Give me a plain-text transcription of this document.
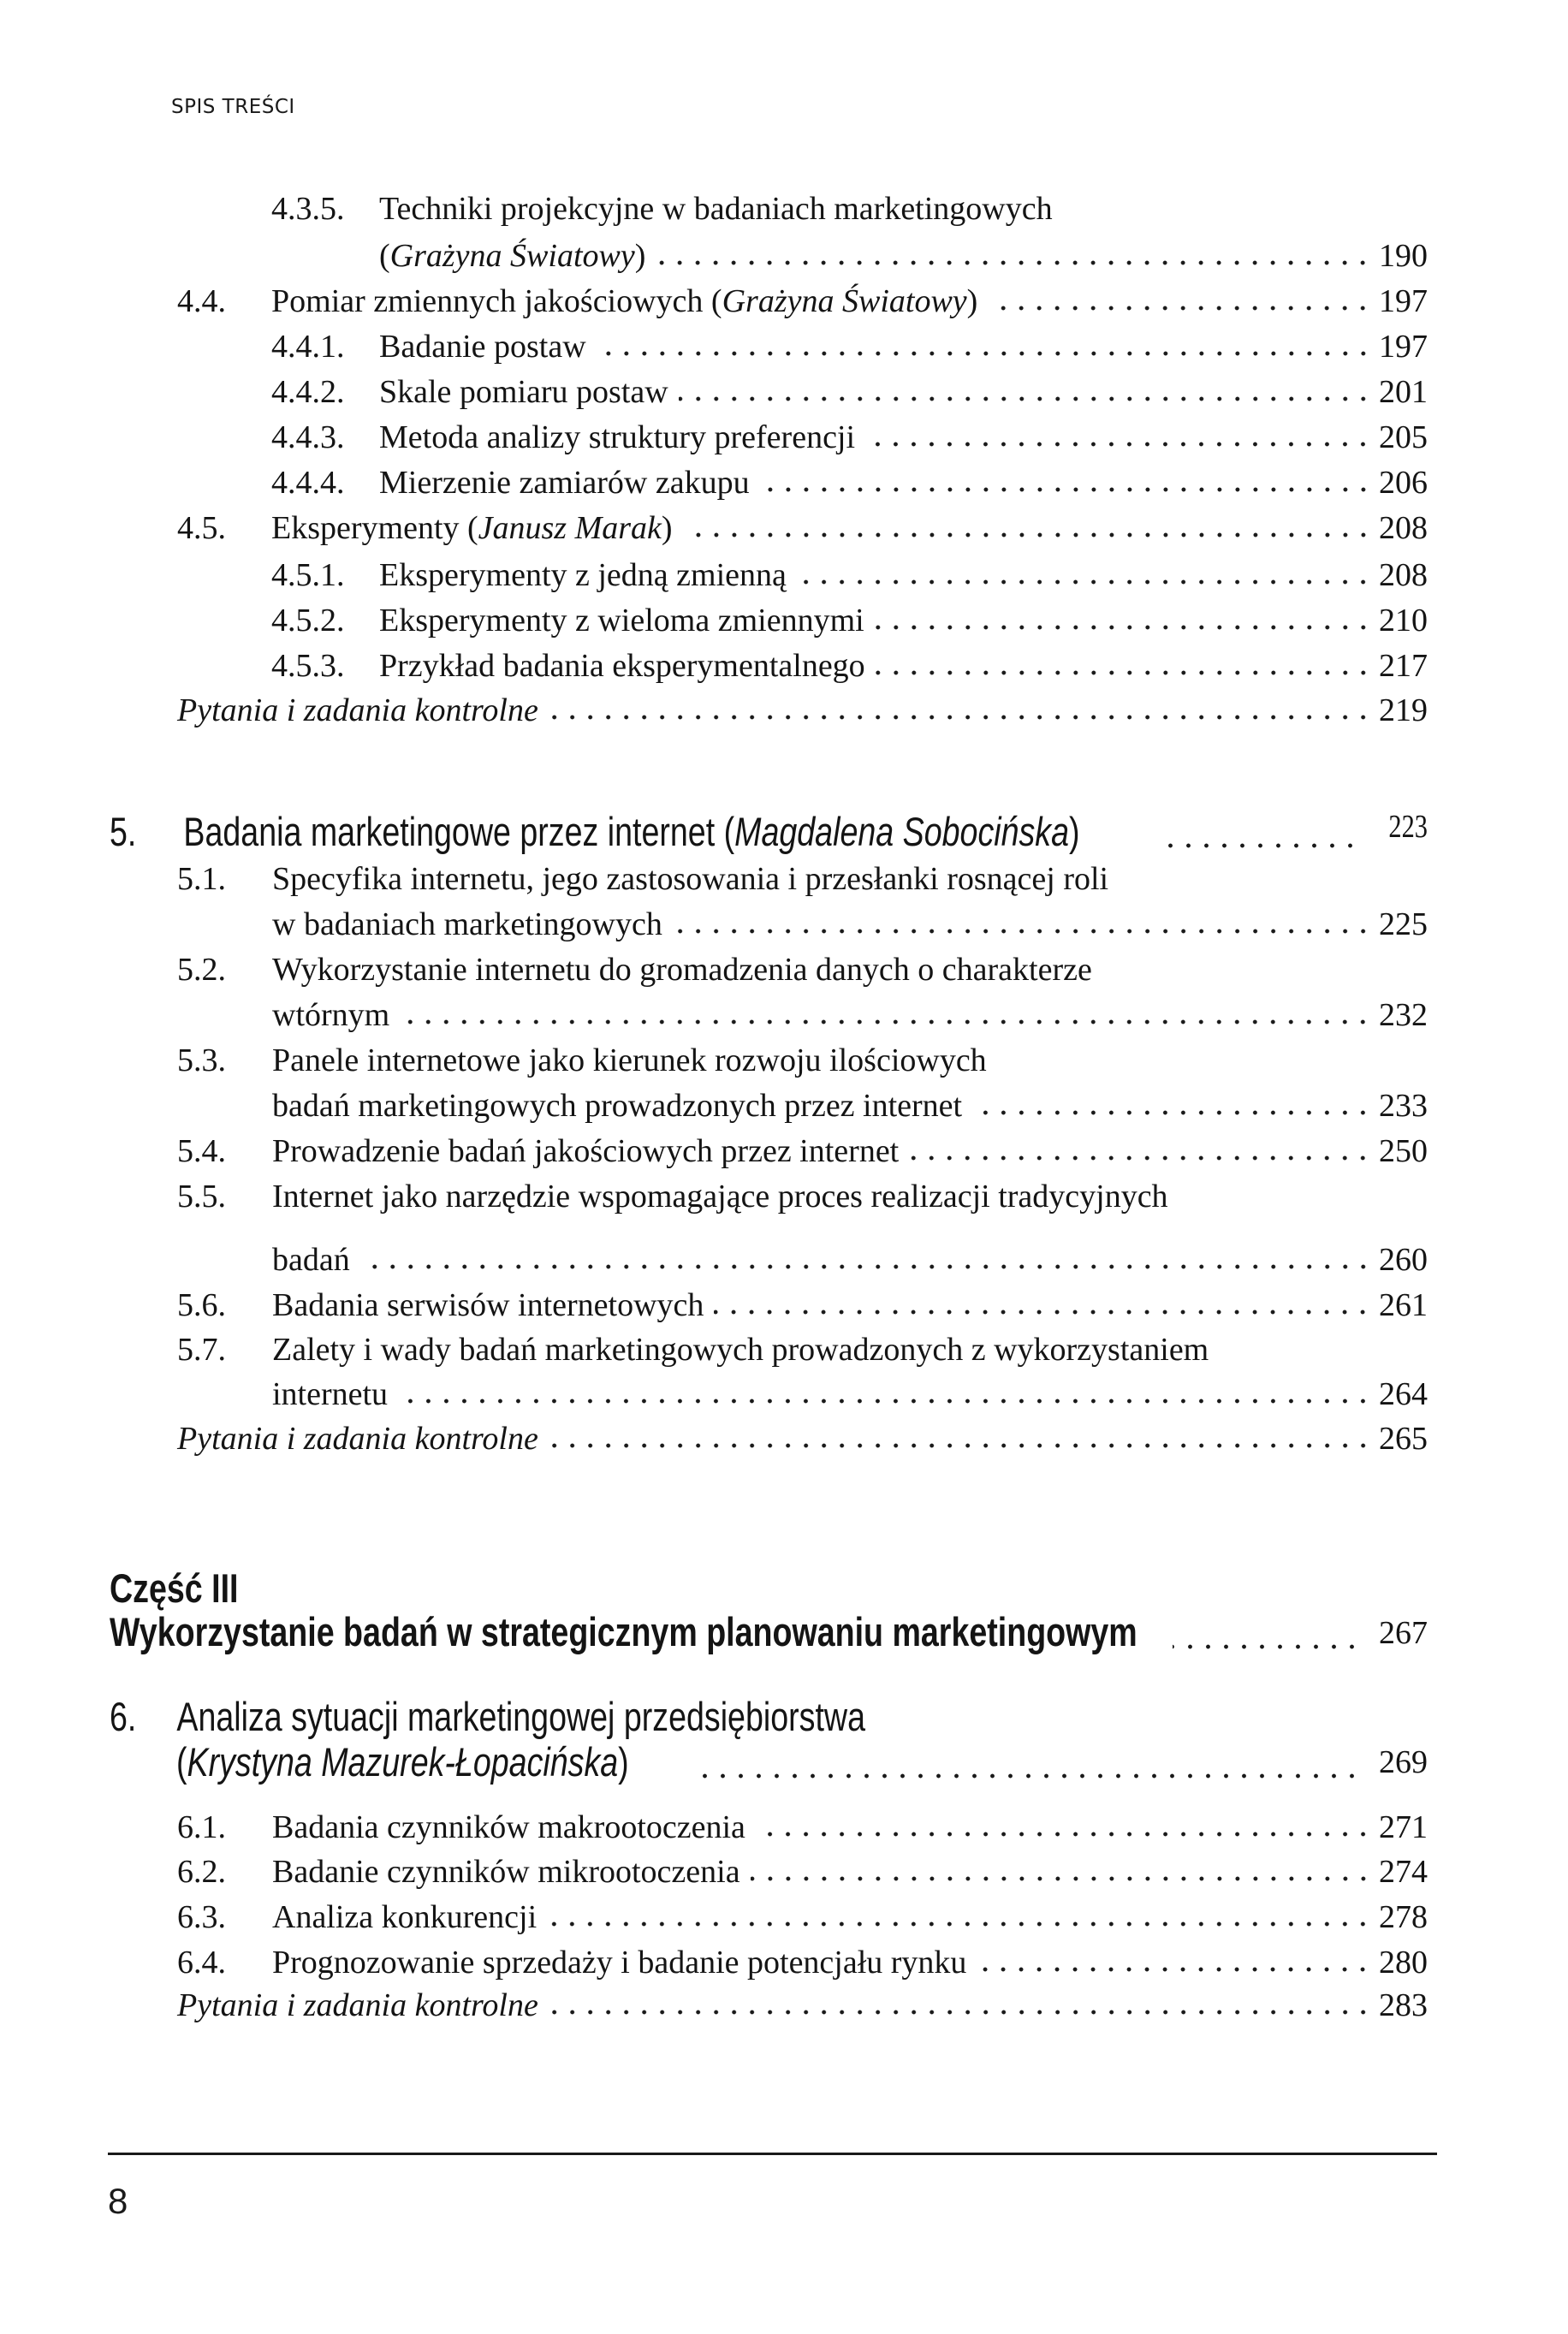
SPIS TREŚCI
4.3.5.	Techniki projekcyjne w badaniach marketingowych
(Grażyna Światowy)	190
4.4.	Pomiar zmiennych jakościowych (Grażyna Światowy)	197
4.4.1.	Badanie postaw	197
4.4.2.	Skale pomiaru postaw	201
4.4.3.	Metoda analizy struktury preferencji	205
4.4.4.	Mierzenie zamiarów zakupu	206
4.5.	Eksperymenty (Janusz Marak)	208
4.5.1.	Eksperymenty z jedną zmienną	208
4.5.2.	Eksperymenty z wieloma zmiennymi	210
4.5.3.	Przykład badania eksperymentalnego	217
Pytania i zadania kontrolne	219
5. Badania marketingowe przez internet (Magdalena Sobocińska)	223
5.1.	Specyfika internetu, jego zastosowania i przesłanki rosnącej roli
w badaniach marketingowych	225
5.2.	Wykorzystanie internetu do gromadzenia danych o charakterze
wtórnym	232
5.3.	Panele internetowe jako kierunek rozwoju ilościowych
badań marketingowych prowadzonych przez internet	233
5.4.	Prowadzenie badań jakościowych przez internet	250
5.5.	Internet jako narzędzie wspomagające proces realizacji tradycyjnych
badań	260
5.6.	Badania serwisów internetowych	261
5.7.	Zalety i wady badań marketingowych prowadzonych z wykorzystaniem
internetu	264
Pytania i zadania kontrolne	265
Część III
Wykorzystanie badań w strategicznym planowaniu marketingowym	267
6. Analiza sytuacji marketingowej przedsiębiorstwa
(Krystyna Mazurek-Łopacińska)	269
6.1.	Badania czynników makrootoczenia	271
6.2.	Badanie czynników mikrootoczenia	274
6.3.	Analiza konkurencji	278
6.4.	Prognozowanie sprzedaży i badanie potencjału rynku	280
Pytania i zadania kontrolne	283
8
